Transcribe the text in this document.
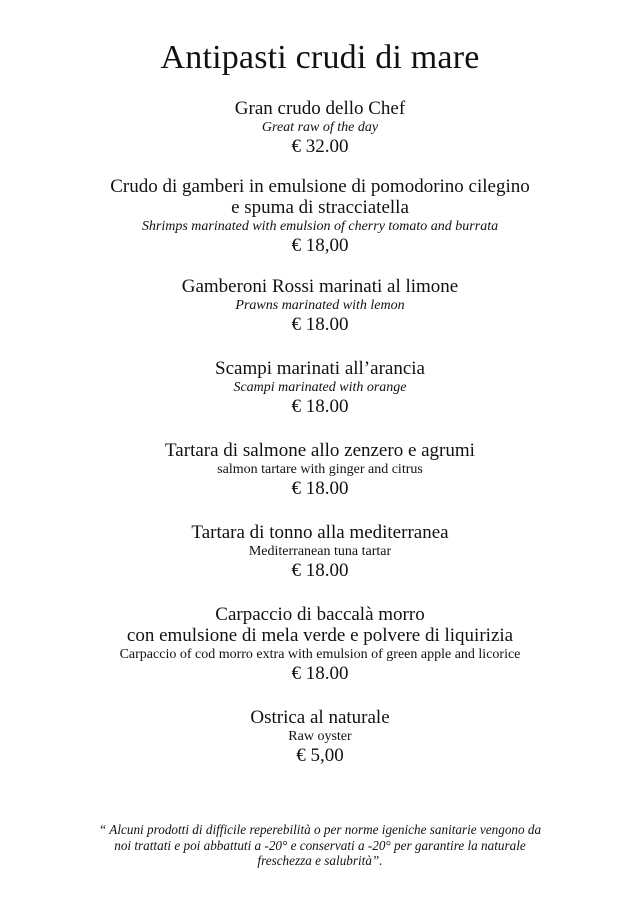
Antipasti crudi di mare
Gran crudo dello Chef
Great raw of the day
€ 32.00
Crudo di gamberi in emulsione di pomodorino cilegino
e spuma di stracciatella
Shrimps marinated with emulsion of cherry tomato and burrata
€ 18,00
Gamberoni Rossi marinati al limone
Prawns marinated with lemon
€ 18.00
Scampi marinati all’arancia
Scampi marinated with orange
€ 18.00
Tartara di salmone allo zenzero e agrumi
salmon tartare with ginger and citrus
€ 18.00
Tartara di tonno alla mediterranea
Mediterranean tuna tartar
€ 18.00
Carpaccio di baccalà morro
con emulsione di mela verde e polvere di liquirizia
Carpaccio of cod morro extra with emulsion of green apple and licorice
€ 18.00
Ostrica al naturale
Raw oyster
€ 5,00
“ Alcuni prodotti di difficile reperebilità o per norme igeniche sanitarie vengono da
noi trattati e poi abbattuti a -20° e conservati a -20° per garantire la naturale
freschezza e salubrità”.
